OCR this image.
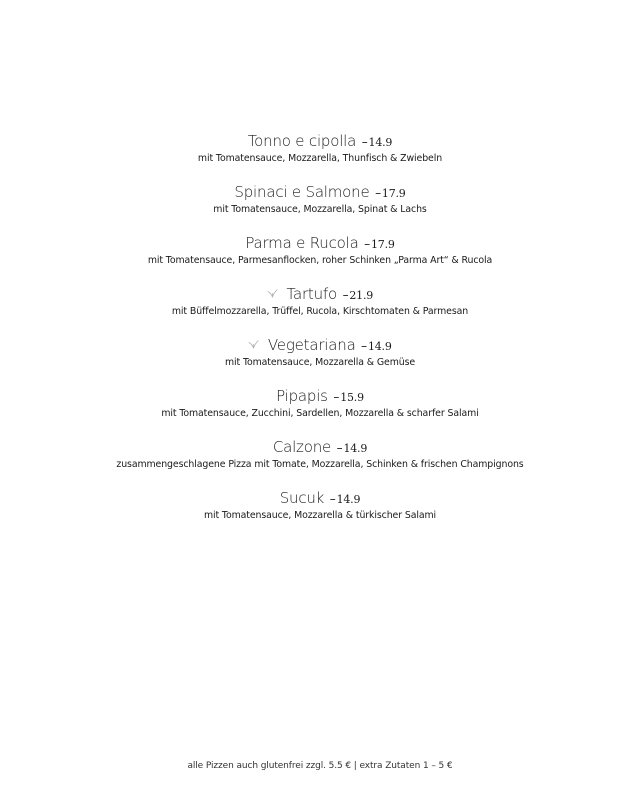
Tonno e cipolla –14.9
mit Tomatensauce, Mozzarella, Thunfisch & Zwiebeln
Spinaci e Salmone –17.9
mit Tomatensauce, Mozzarella, Spinat & Lachs
Parma e Rucola –17.9
mit Tomatensauce, Parmesanflocken, roher Schinken „Parma Art“ & Rucola
Tartufo –21.9
mit Büffelmozzarella, Trüffel, Rucola, Kirschtomaten & Parmesan
Vegetariana –14.9
mit Tomatensauce, Mozzarella & Gemüse
Pipapis –15.9
mit Tomatensauce, Zucchini, Sardellen, Mozzarella & scharfer Salami
Calzone –14.9
zusammengeschlagene Pizza mit Tomate, Mozzarella, Schinken & frischen Champignons
Sucuk –14.9
mit Tomatensauce, Mozzarella & türkischer Salami
alle Pizzen auch glutenfrei zzgl. 5.5 € | extra Zutaten 1 – 5 €
